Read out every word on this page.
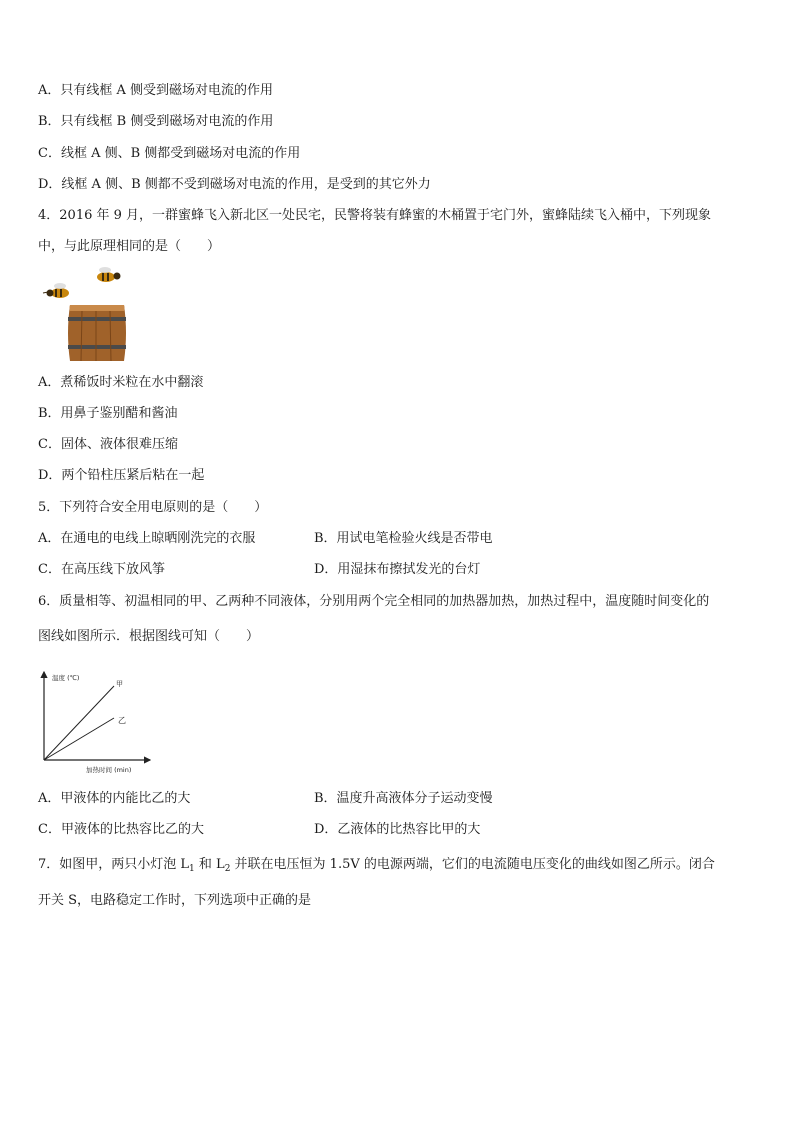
A．只有线框 A 侧受到磁场对电流的作用
B．只有线框 B 侧受到磁场对电流的作用
C．线框 A 侧、B 侧都受到磁场对电流的作用
D．线框 A 侧、B 侧都不受到磁场对电流的作用，是受到的其它外力
4．2016 年 9 月，一群蜜蜂飞入新北区一处民宅，民警将装有蜂蜜的木桶置于宅门外，蜜蜂陆续飞入桶中，下列现象
中，与此原理相同的是（　　）
A．煮稀饭时米粒在水中翻滚
B．用鼻子鉴别醋和酱油
C．固体、液体很难压缩
D．两个铅柱压紧后粘在一起
5．下列符合安全用电原则的是（　　）
A．在通电的电线上晾晒刚洗完的衣服	B．用试电笔检验火线是否带电
C．在高压线下放风筝	D．用湿抹布擦拭发光的台灯
6．质量相等、初温相同的甲、乙两种不同液体，分别用两个完全相同的加热器加热，加热过程中，温度随时间变化的
图线如图所示．根据图线可知（　　）
温度 (℃)
加热时间 (min)
甲
乙
A．甲液体的内能比乙的大	B．温度升高液体分子运动变慢
C．甲液体的比热容比乙的大	D．乙液体的比热容比甲的大
7．如图甲，两只小灯泡 $L_1$ 和 $L_2$ 并联在电压恒为 1.5V 的电源两端，它们的电流随电压变化的曲线如图乙所示。闭合
开关 S，电路稳定工作时，下列选项中正确的是
